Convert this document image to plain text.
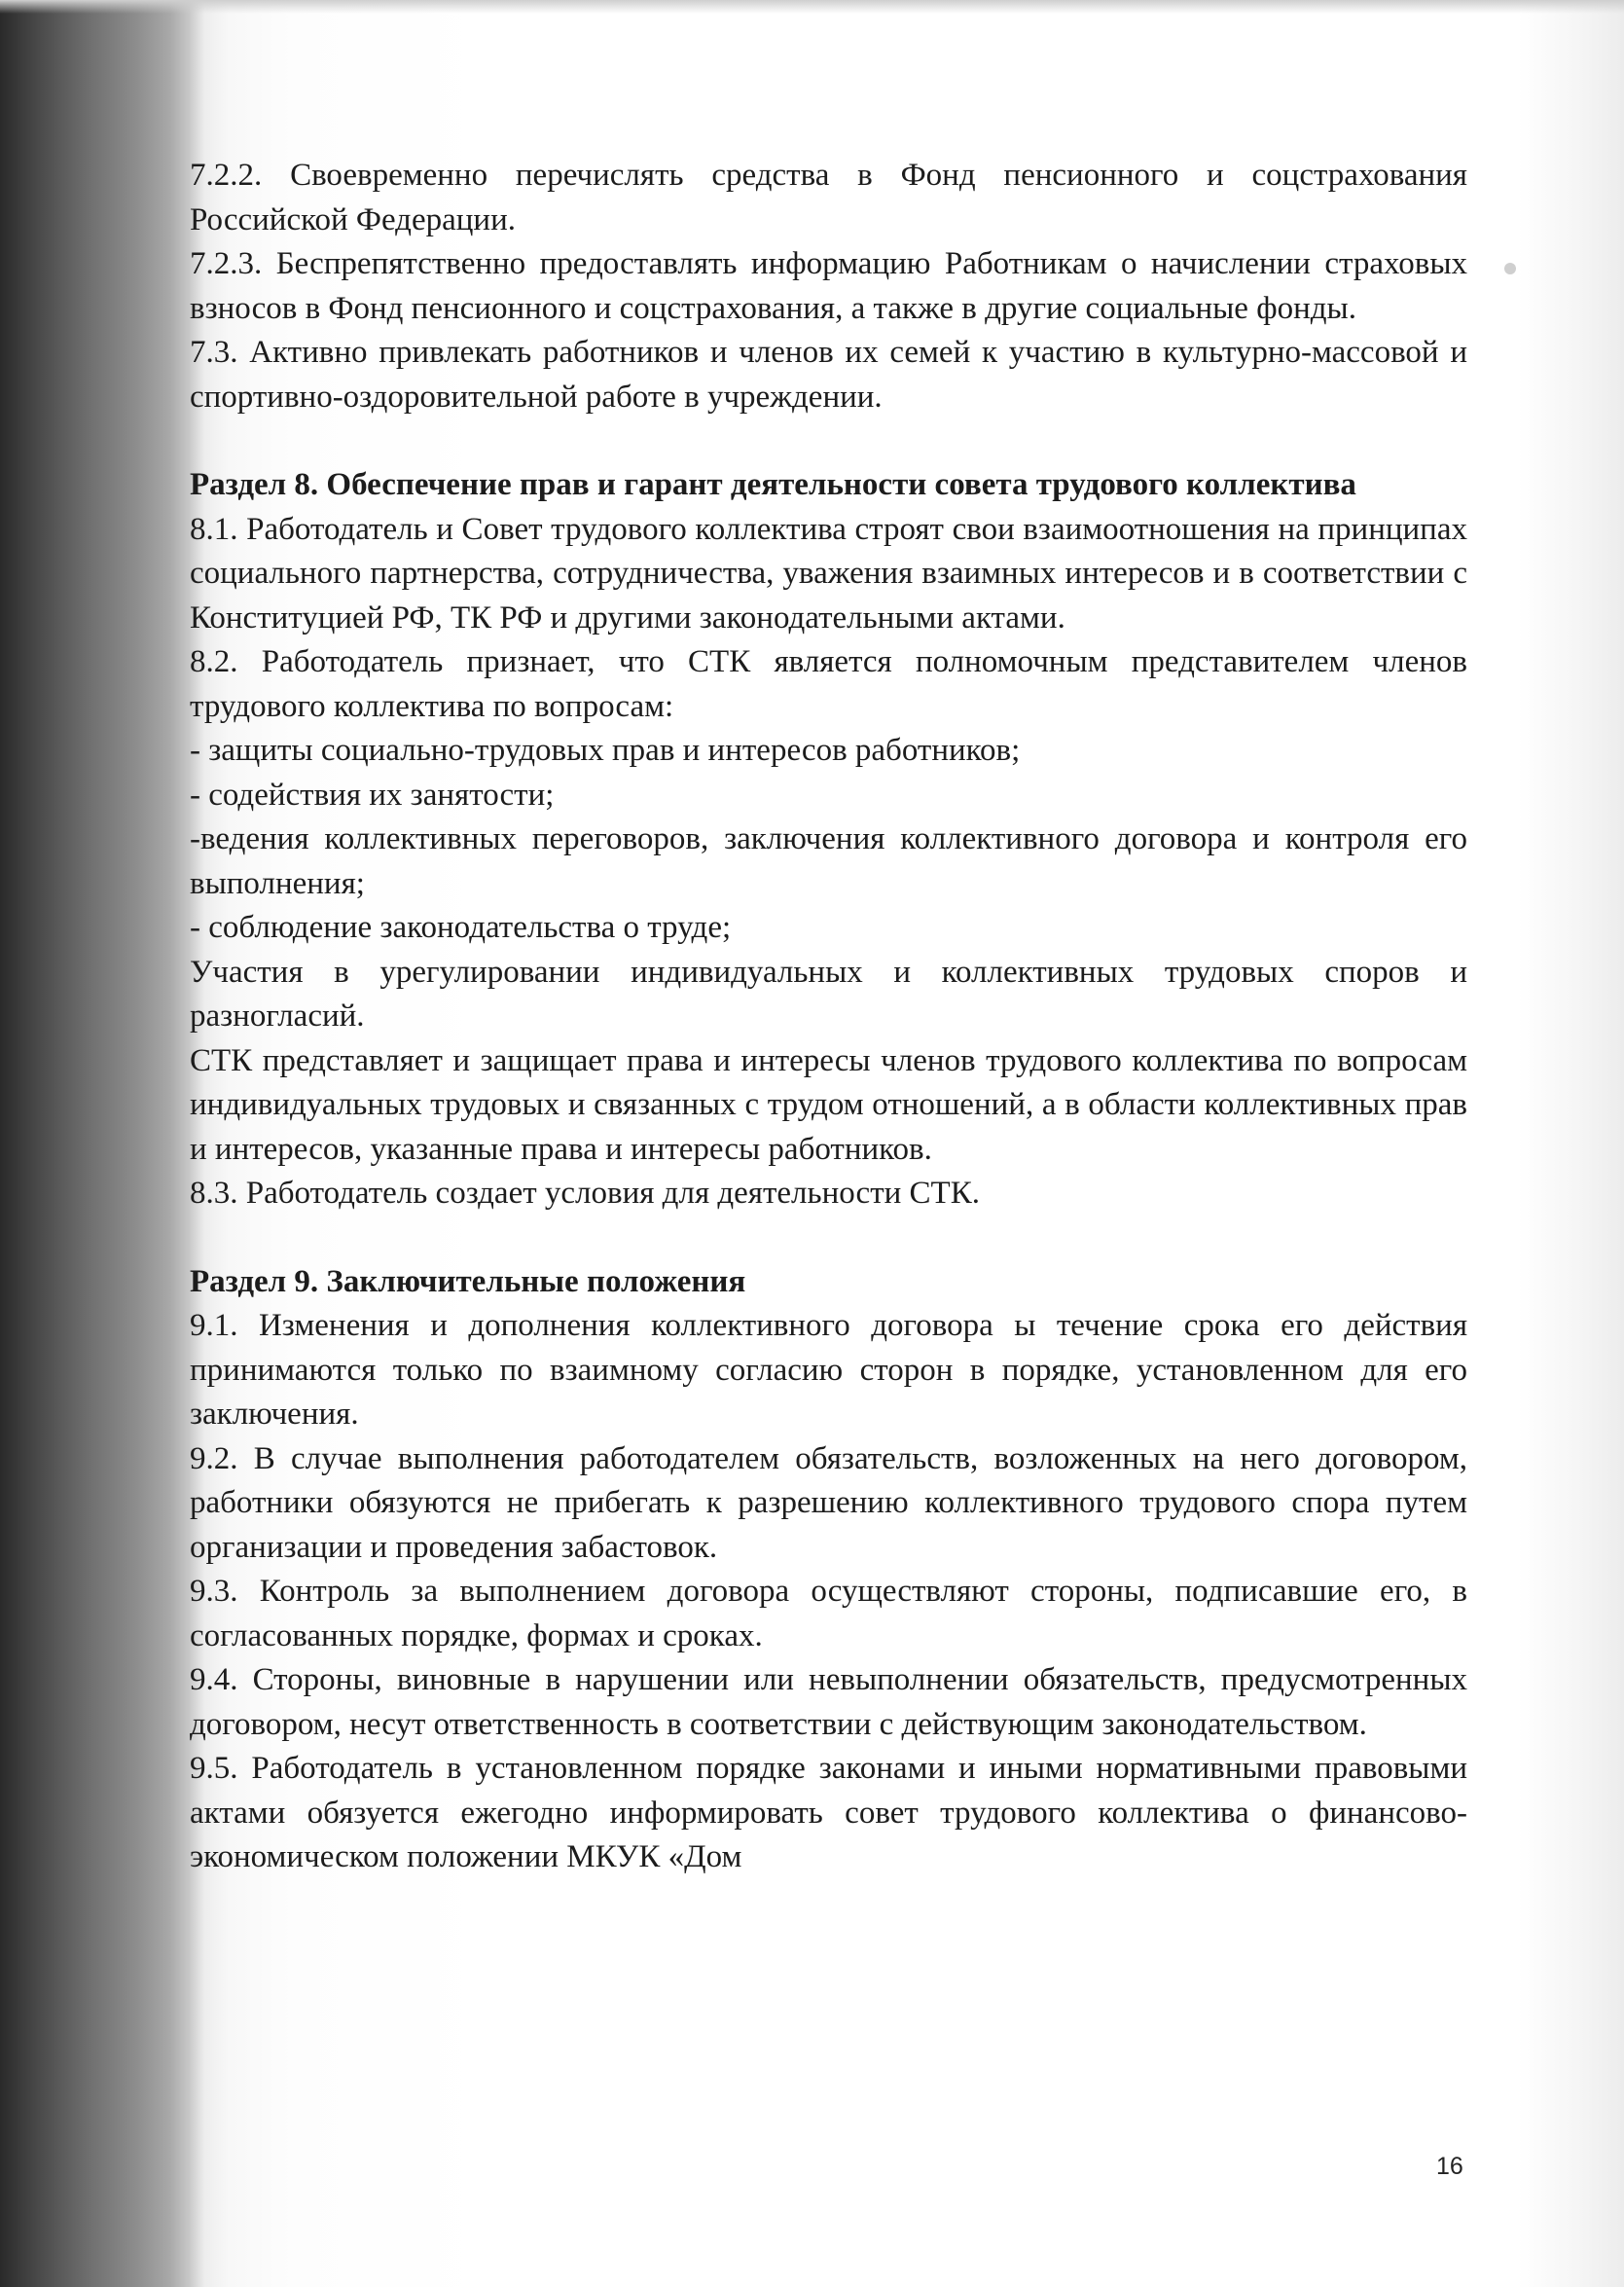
7.2.2. Своевременно перечислять средства в Фонд пенсионного и соцстрахования Российской Федерации.

7.2.3. Беспрепятственно предоставлять информацию Работникам о начислении страховых взносов в Фонд пенсионного и соцстрахования, а также в другие социальные фонды.

7.3. Активно привлекать работников и членов их семей к участию в культурно-массовой и спортивно-оздоровительной работе в учреждении.

Раздел 8. Обеспечение прав и гарант деятельности совета трудового коллектива

8.1. Работодатель и Совет трудового коллектива строят свои взаимоотношения на принципах социального партнерства, сотрудничества, уважения взаимных интересов и в соответствии с Конституцией РФ, ТК РФ и другими законодательными актами.

8.2. Работодатель признает, что СТК является полномочным представителем членов трудового коллектива по вопросам:

- защиты социально-трудовых прав и интересов работников;

- содействия их занятости;

-ведения коллективных переговоров, заключения коллективного договора и контроля его выполнения;

- соблюдение законодательства о труде;

Участия в урегулировании индивидуальных и коллективных трудовых споров и разногласий.

СТК представляет и защищает права и интересы членов трудового коллектива по вопросам индивидуальных трудовых и связанных с трудом отношений, а в области коллективных прав и интересов, указанные права и интересы работников.

8.3. Работодатель создает условия для деятельности СТК.

Раздел 9. Заключительные положения

9.1. Изменения и дополнения коллективного договора ы течение срока его действия принимаются только по взаимному согласию сторон в порядке, установленном для его заключения.

9.2. В случае выполнения работодателем обязательств, возложенных на него договором, работники обязуются не прибегать к разрешению коллективного трудового спора путем организации и проведения забастовок.

9.3. Контроль за выполнением договора осуществляют стороны, подписавшие его, в согласованных порядке, формах и сроках.

9.4. Стороны, виновные в нарушении или невыполнении обязательств, предусмотренных договором, несут ответственность в соответствии с действующим законодательством.

9.5. Работодатель в установленном порядке законами и иными нормативными правовыми актами обязуется ежегодно информировать совет трудового коллектива о финансово-экономическом положении МКУК «Дом

16
